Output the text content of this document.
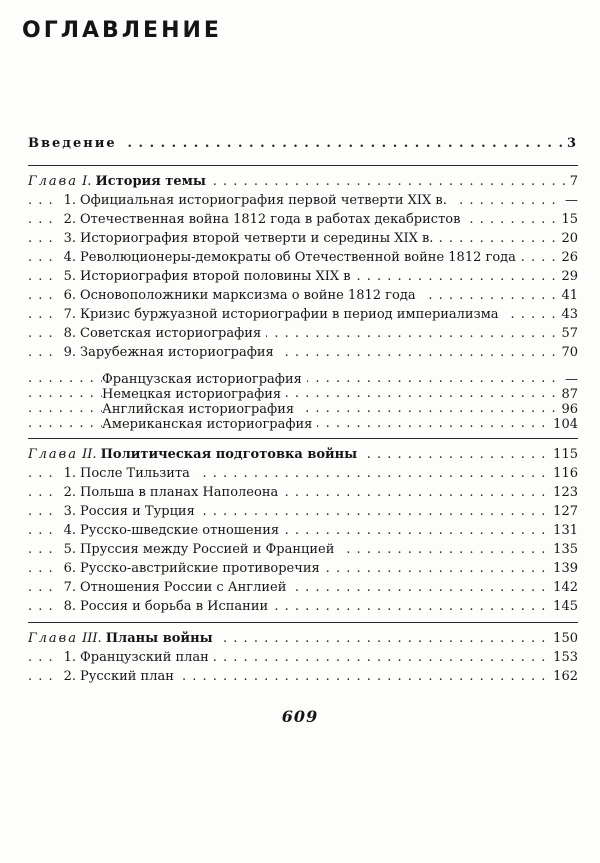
ОГЛАВЛЕНИЕ
Введение	3
. . .
Глава I. История темы	7
. . .
1. Официальная историография первой четверти XIX в.	—
. . .
2. Отечественная война 1812 года в работах декабристов	15
. . .
3. Историография второй четверти и середины XIX в.	20
. . .
4. Революционеры-демократы об Отечественной войне 1812 года	26
. . .
5. Историография второй половины XIX в	29
. . .
6. Основоположники марксизма о войне 1812 года	41
. . .
7. Кризис буржуазной историографии в период империализма	43
. . .
8. Советская историография	57
. . .
9. Зарубежная историография	70
. . .
Французская историография	—
. . .
Немецкая историография	87
. . .
Английская историография	96
. . .
Американская историография	104
. . .
Глава II. Политическая подготовка войны	115
. . .
1. После Тильзита	116
. . .
2. Польша в планах Наполеона	123
. . .
3. Россия и Турция	127
. . .
4. Русско-шведские отношения	131
. . .
5. Пруссия между Россией и Францией	135
. . .
6. Русско-австрийские противоречия	139
. . .
7. Отношения России с Англией	142
. . .
8. Россия и борьба в Испании	145
. . .
Глава III. Планы войны	150
. . .
1. Французский план	153
. . .
2. Русский план	162
. . .
609
